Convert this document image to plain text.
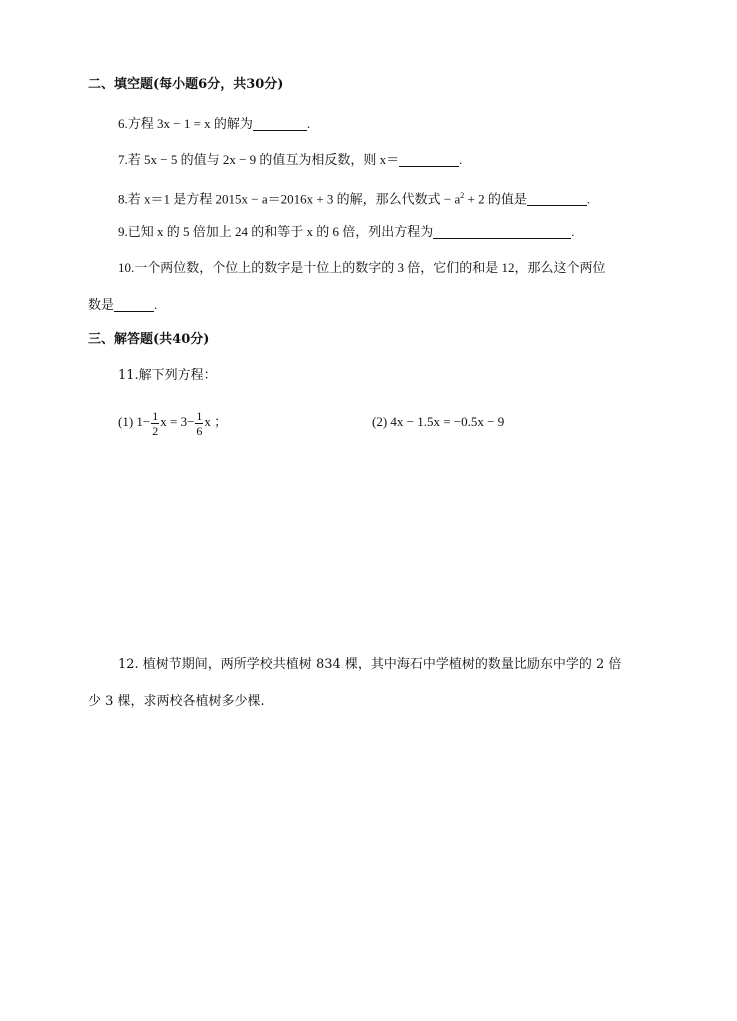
二、填空题(每小题6分，共30分)
6.方程 3x − 1 = x 的解为	.
7.若 5x − 5 的值与 2x − 9 的值互为相反数，则 x＝	.
8.若 x＝1 是方程 2015x − a＝2016x + 3 的解，那么代数式 − $a^2 + 2$ 的值是	.
9.已知 x 的 5 倍加上 24 的和等于 x 的 6 倍，列出方程为	.
10.一个两位数，个位上的数字是十位上的数字的 3 倍，它们的和是 12，那么这个两位
数是	.
三、解答题(共40分)
11.解下列方程：
(1) $1- \frac{1}{2}$ $x = 3- \frac{1}{6}$ x ；	(2) 4x − 1.5x = −0.5x − 9
12. 植树节期间，两所学校共植树 834 棵，其中海石中学植树的数量比励东中学的 2 倍
少 3 棵，求两校各植树多少棵.
